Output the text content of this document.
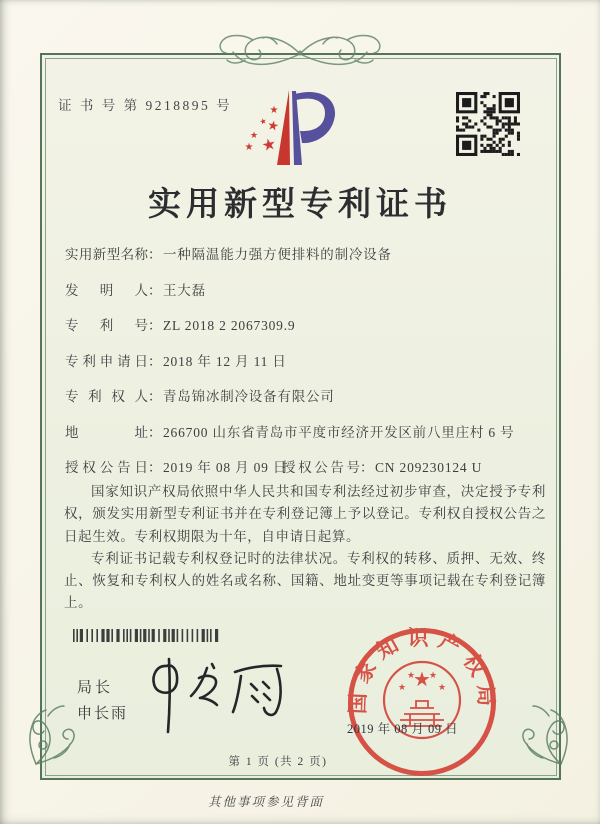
证 书 号 第 9218895 号	★
★
★
★ ★
★
实用新型专利证书
实用新型名称： 一种隔温能力强方便排料的制冷设备
发明人： 王大磊
专利号： ZL 2018 2 2067309.9
专利申请日： 2018 年 12 月 11 日
专利权人： 青岛锦冰制冷设备有限公司
地址： 266700 山东省青岛市平度市经济开发区前八里庄村 6 号
授权公告日： 2019 年 08 月 09 日
授权公告号： CN 209230124 U

国家知识产权局依照中华人民共和国专利法经过初步审查，决定授予专利权，颁发实用新型专利证书并在专利登记簿上予以登记。专利权自授权公告之日起生效。专利权期限为十年，自申请日起算。

专利证书记载专利权登记时的法律状况。专利权的转移、质押、无效、终止、恢复和专利权人的姓名或名称、国籍、地址变更等事项记载在专利登记簿上。

局长
申长雨	国家知识产权局
★
★
★ ★
★
2019 年 08 月 09 日
第 1 页 (共 2 页)
其他事项参见背面
